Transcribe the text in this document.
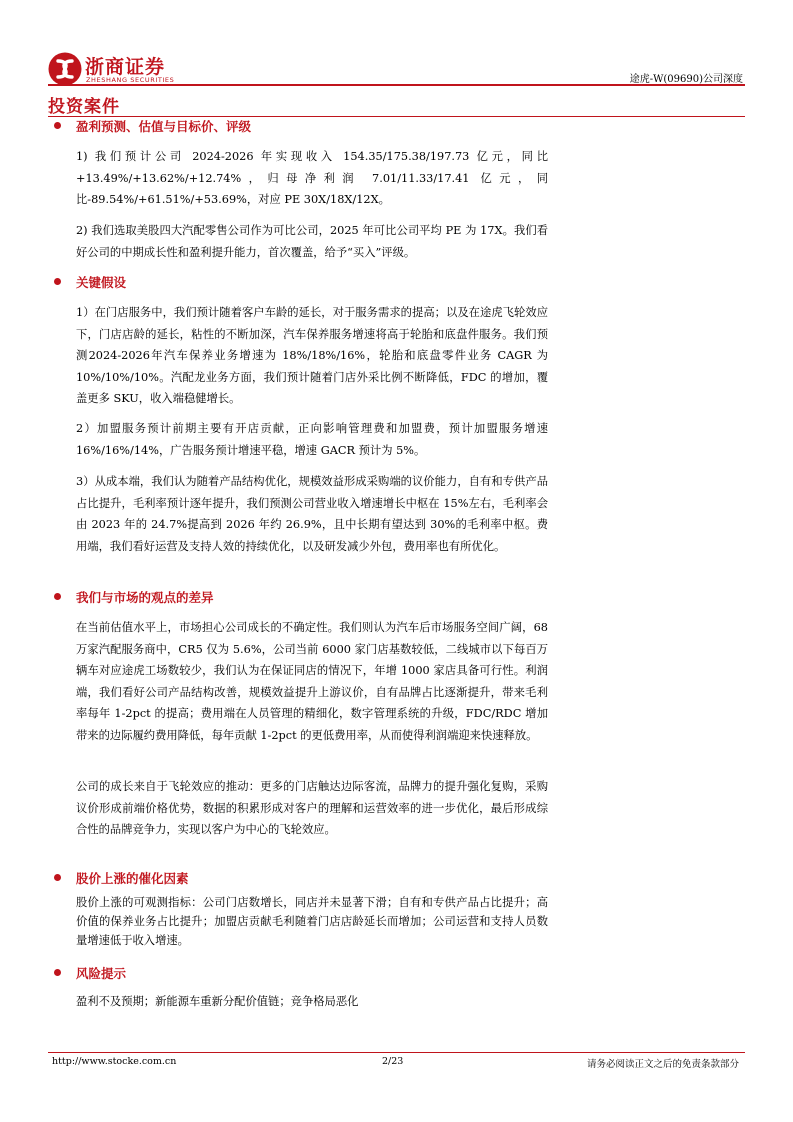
浙商证券
ZHESHANG SECURITIES	途虎-W(09690)公司深度
投资案件
盈利预测、估值与目标价、评级
1) 我们预计公司 2024-2026 年实现收入 154.35/175.38/197.73 亿元，同比+13.49%/+13.62%/+12.74%，归母净利润 7.01/11.33/17.41 亿元，同比-89.54%/+61.51%/+53.69%，对应 PE 30X/18X/12X。
2) 我们选取美股四大汽配零售公司作为可比公司，2025 年可比公司平均 PE 为 17X。我们看好公司的中期成长性和盈利提升能力，首次覆盖，给予“买入”评级。
关键假设
1）在门店服务中，我们预计随着客户车龄的延长，对于服务需求的提高；以及在途虎飞轮效应下，门店店龄的延长，粘性的不断加深，汽车保养服务增速将高于轮胎和底盘件服务。我们预测2024-2026年汽车保养业务增速为 18%/18%/16%，轮胎和底盘零件业务 CAGR 为 10%/10%/10%。汽配龙业务方面，我们预计随着门店外采比例不断降低，FDC 的增加，覆盖更多 SKU，收入端稳健增长。
2）加盟服务预计前期主要有开店贡献，正向影响管理费和加盟费，预计加盟服务增速 16%/16%/14%，广告服务预计增速平稳，增速 GACR 预计为 5%。
3）从成本端，我们认为随着产品结构优化，规模效益形成采购端的议价能力，自有和专供产品占比提升，毛利率预计逐年提升，我们预测公司营业收入增速增长中枢在 15%左右，毛利率会由 2023 年的 24.7%提高到 2026 年约 26.9%，且中长期有望达到 30%的毛利率中枢。费用端，我们看好运营及支持人效的持续优化，以及研发减少外包，费用率也有所优化。
我们与市场的观点的差异
在当前估值水平上，市场担心公司成长的不确定性。我们则认为汽车后市场服务空间广阔，68 万家汽配服务商中，CR5 仅为 5.6%，公司当前 6000 家门店基数较低，二线城市以下每百万辆车对应途虎工场数较少，我们认为在保证同店的情况下，年增 1000 家店具备可行性。利润端，我们看好公司产品结构改善，规模效益提升上游议价，自有品牌占比逐渐提升，带来毛利率每年 1-2pct 的提高；费用端在人员管理的精细化，数字管理系统的升级，FDC/RDC 增加带来的边际履约费用降低，每年贡献 1-2pct 的更低费用率，从而使得利润端迎来快速释放。
公司的成长来自于飞轮效应的推动：更多的门店触达边际客流，品牌力的提升强化复购，采购议价形成前端价格优势，数据的积累形成对客户的理解和运营效率的进一步优化，最后形成综合性的品牌竞争力，实现以客户为中心的飞轮效应。
股价上涨的催化因素
股价上涨的可观测指标：公司门店数增长，同店并未显著下滑；自有和专供产品占比提升；高价值的保养业务占比提升；加盟店贡献毛利随着门店店龄延长而增加；公司运营和支持人员数量增速低于收入增速。
风险提示
盈利不及预期；新能源车重新分配价值链；竞争格局恶化
http://www.stocke.com.cn	2/23	请务必阅读正文之后的免责条款部分
